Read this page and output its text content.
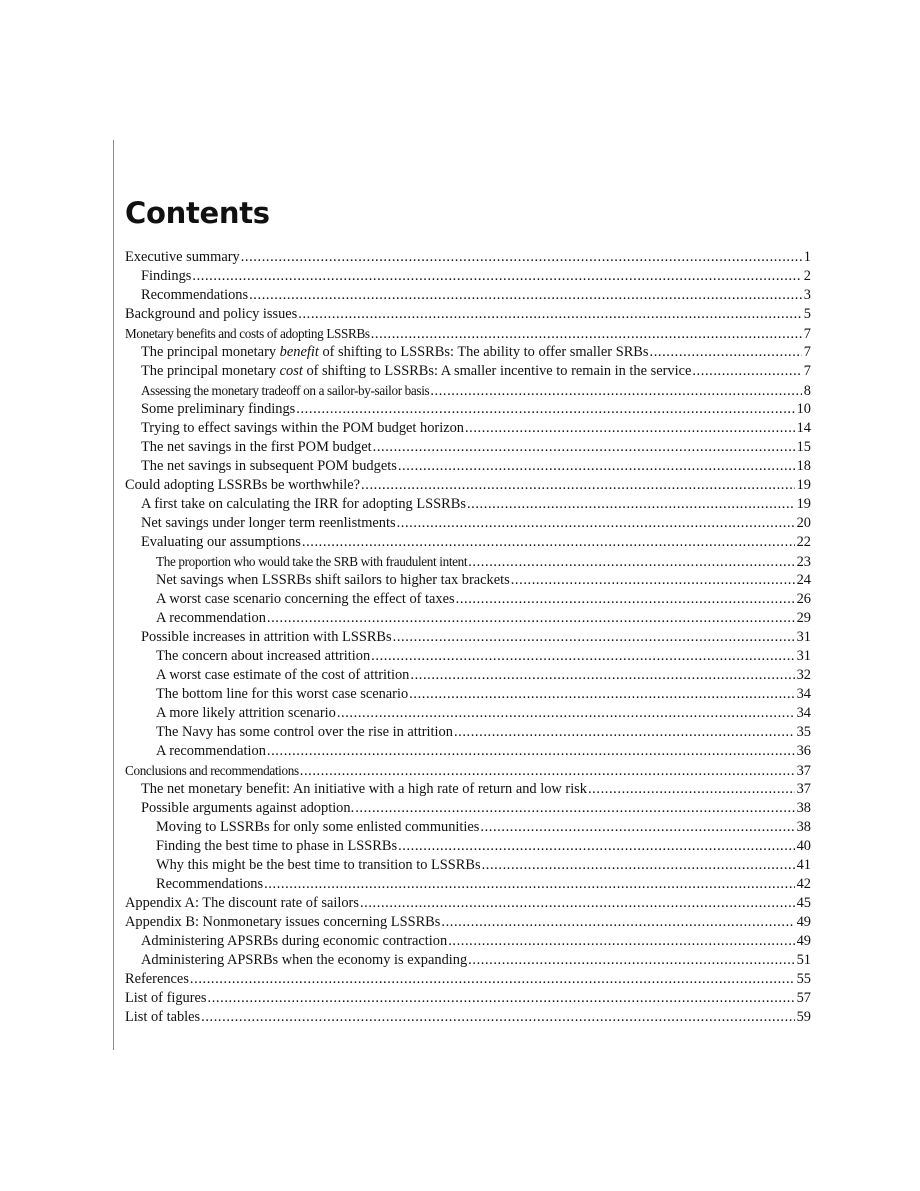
Contents
Executive summary .....	1
Findings .....	2
Recommendations .....	3
Background and policy issues .....	5
Monetary benefits and costs of adopting LSSRBs .....	7
The principal monetary benefit of shifting to LSSRBs: The ability to offer smaller SRBs .....	7
The principal monetary cost of shifting to LSSRBs: A smaller incentive to remain in the service .....	7
Assessing the monetary tradeoff on a sailor-by-sailor basis .....	8
Some preliminary findings .....	10
Trying to effect savings within the POM budget horizon .....	14
The net savings in the first POM budget .....	15
The net savings in subsequent POM budgets .....	18
Could adopting LSSRBs be worthwhile? .....	19
A first take on calculating the IRR for adopting LSSRBs .....	19
Net savings under longer term reenlistments .....	20
Evaluating our assumptions .....	22
The proportion who would take the SRB with fraudulent intent .....	23
Net savings when LSSRBs shift sailors to higher tax brackets .....	24
A worst case scenario concerning the effect of taxes .....	26
A recommendation .....	29
Possible increases in attrition with LSSRBs .....	31
The concern about increased attrition .....	31
A worst case estimate of the cost of attrition .....	32
The bottom line for this worst case scenario .....	34
A more likely attrition scenario .....	34
The Navy has some control over the rise in attrition .....	35
A recommendation .....	36
Conclusions and recommendations .....	37
The net monetary benefit: An initiative with a high rate of return and low risk .....	37
Possible arguments against adoption. .....	38
Moving to LSSRBs for only some enlisted communities .....	38
Finding the best time to phase in LSSRBs .....	40
Why this might be the best time to transition to LSSRBs .....	41
Recommendations .....	42
Appendix A: The discount rate of sailors .....	45
Appendix B: Nonmonetary issues concerning LSSRBs .....	49
Administering APSRBs during economic contraction .....	49
Administering APSRBs when the economy is expanding .....	51
References .....	55
List of figures .....	57
List of tables .....	59
